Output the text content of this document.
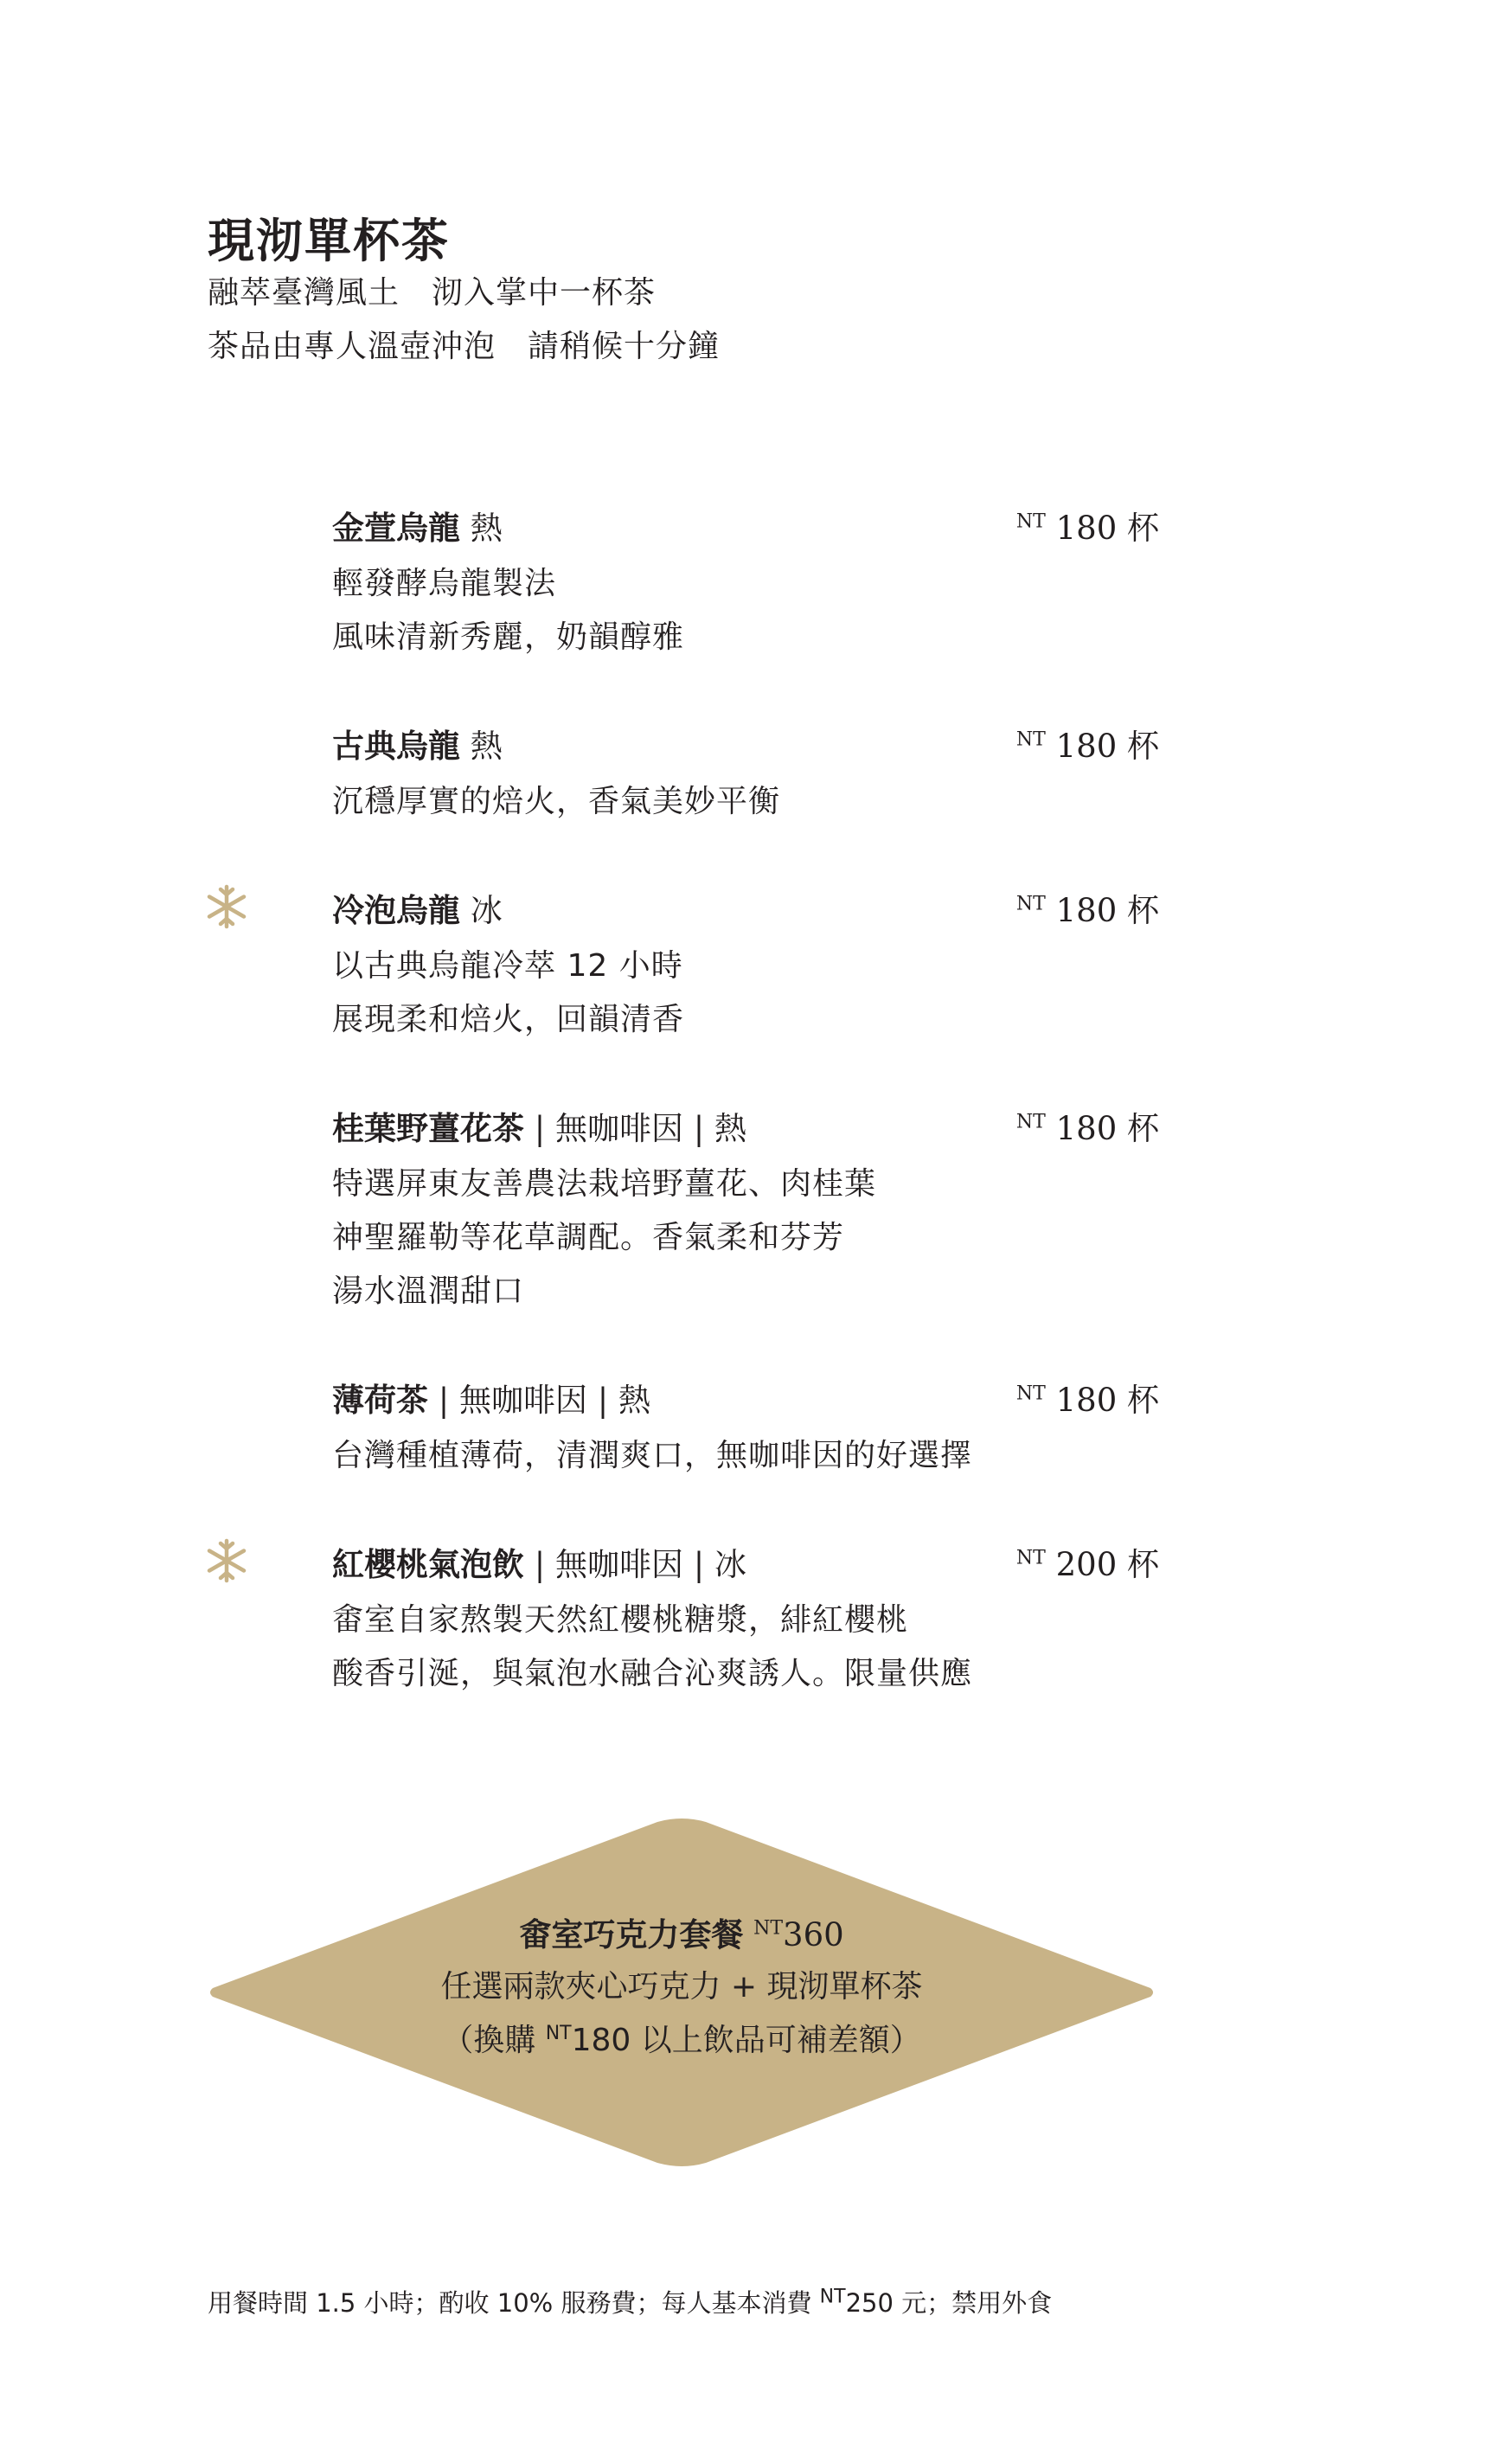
現沏單杯茶
融萃臺灣風土　沏入掌中一杯茶
茶品由專人溫壺沖泡　請稍候十分鐘
金萱烏龍 熱	$^{NT}$ 180 杯
輕發酵烏龍製法
風味清新秀麗，奶韻醇雅
古典烏龍 熱	$^{NT}$ 180 杯
沉穩厚實的焙火，香氣美妙平衡
冷泡烏龍 冰	$^{NT}$ 180 杯
以古典烏龍冷萃 12 小時
展現柔和焙火，回韻清香
桂葉野薑花茶 | 無咖啡因 | 熱	$^{NT}$ 180 杯
特選屏東友善農法栽培野薑花、肉桂葉
神聖羅勒等花草調配。香氣柔和芬芳
湯水溫潤甜口
薄荷茶 | 無咖啡因 | 熱	$^{NT}$ 180 杯
台灣種植薄荷，清潤爽口，無咖啡因的好選擇
紅櫻桃氣泡飲 | 無咖啡因 | 冰	$^{NT}$ 200 杯
畬室自家熬製天然紅櫻桃糖漿，緋紅櫻桃
酸香引涎，與氣泡水融合沁爽誘人。限量供應
畬室巧克力套餐 $^{NT}$360
任選兩款夾心巧克力 + 現沏單杯茶
（換購 $^{NT}$180 以上飲品可補差額）
用餐時間 1.5 小時；酌收 10% 服務費；每人基本消費 $^{NT}$250 元；禁用外食
